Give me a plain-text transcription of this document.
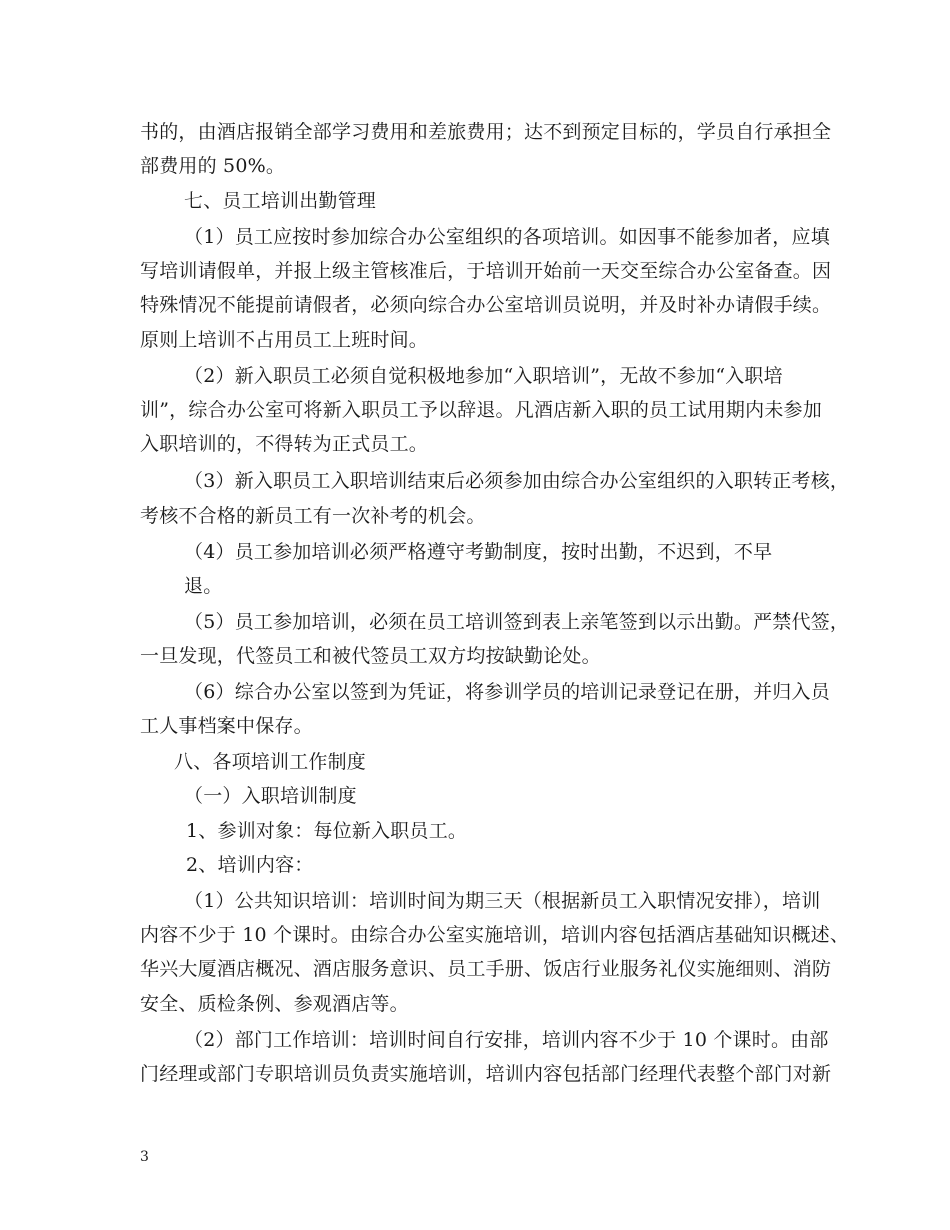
书的，由酒店报销全部学习费用和差旅费用；达不到预定目标的，学员自行承担全
部费用的 50%。
七、员工培训出勤管理
（1）员工应按时参加综合办公室组织的各项培训。如因事不能参加者，应填
写培训请假单，并报上级主管核准后，于培训开始前一天交至综合办公室备查。因
特殊情况不能提前请假者，必须向综合办公室培训员说明，并及时补办请假手续。
原则上培训不占用员工上班时间。
（2）新入职员工必须自觉积极地参加“入职培训”，无故不参加“入职培
训”，综合办公室可将新入职员工予以辞退。凡酒店新入职的员工试用期内未参加
入职培训的，不得转为正式员工。
（3）新入职员工入职培训结束后必须参加由综合办公室组织的入职转正考核，
考核不合格的新员工有一次补考的机会。
（4）员工参加培训必须严格遵守考勤制度，按时出勤，不迟到，不早
退。
（5）员工参加培训，必须在员工培训签到表上亲笔签到以示出勤。严禁代签，
一旦发现，代签员工和被代签员工双方均按缺勤论处。
（6）综合办公室以签到为凭证，将参训学员的培训记录登记在册，并归入员
工人事档案中保存。
八、各项培训工作制度
（一）入职培训制度
1、参训对象：每位新入职员工。
2、培训内容：
（1）公共知识培训：培训时间为期三天（根据新员工入职情况安排），培训
内容不少于 10 个课时。由综合办公室实施培训，培训内容包括酒店基础知识概述、
华兴大厦酒店概况、酒店服务意识、员工手册、饭店行业服务礼仪实施细则、消防
安全、质检条例、参观酒店等。
（2）部门工作培训：培训时间自行安排，培训内容不少于 10 个课时。由部
门经理或部门专职培训员负责实施培训，培训内容包括部门经理代表整个部门对新
3
